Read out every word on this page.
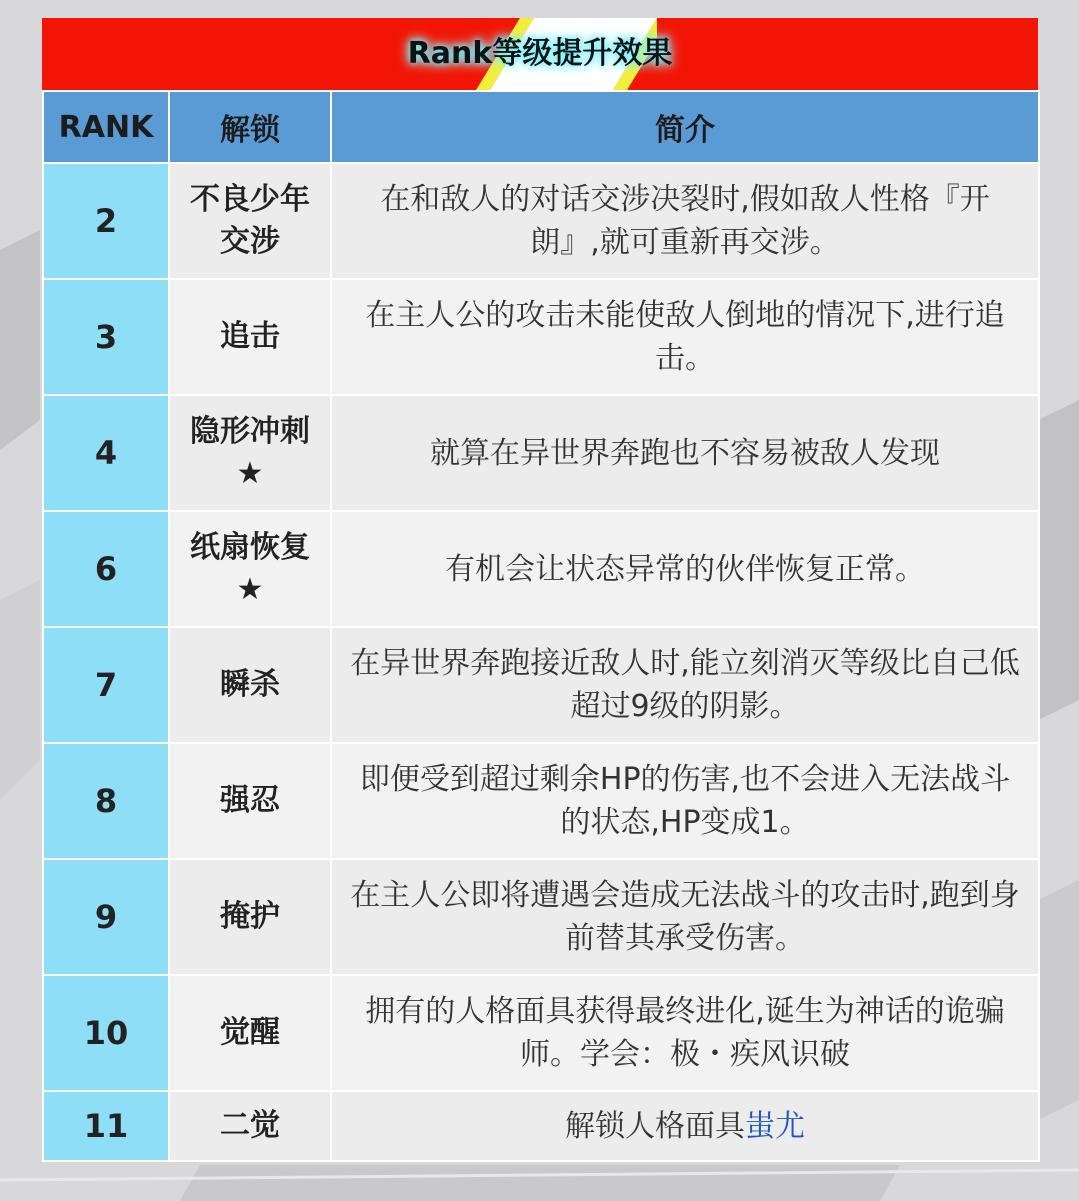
Rank等级提升效果
RANK	解锁	简介
2	不良少年交涉	在和敌人的对话交涉决裂时,假如敌人性格『开朗』,就可重新再交涉。
3	追击	在主人公的攻击未能使敌人倒地的情况下,进行追击。
4	隐形冲刺★	就算在异世界奔跑也不容易被敌人发现
6	纸扇恢复★	有机会让状态异常的伙伴恢复正常。
7	瞬杀	在异世界奔跑接近敌人时,能立刻消灭等级比自己低超过9级的阴影。
8	强忍	即便受到超过剩余HP的伤害,也不会进入无法战斗的状态,HP变成1。
9	掩护	在主人公即将遭遇会造成无法战斗的攻击时,跑到身前替其承受伤害。
10	觉醒	拥有的人格面具获得最终进化,诞生为神话的诡骗师。学会：极・疾风识破
11	二觉	解锁人格面具蚩尤
